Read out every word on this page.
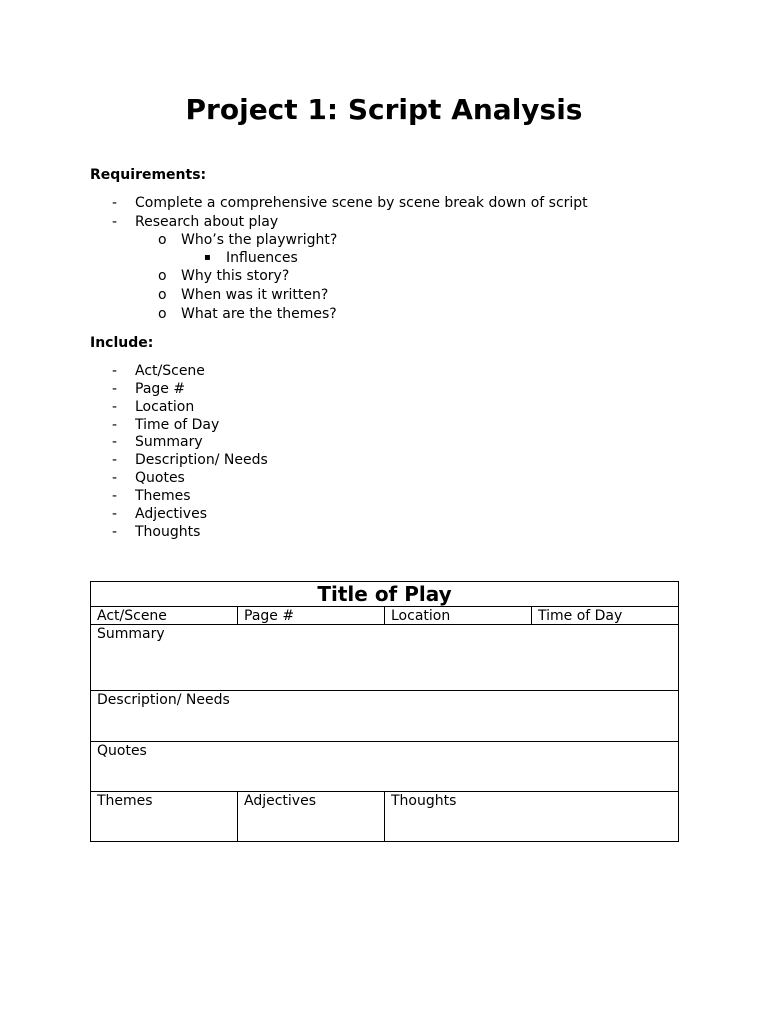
Project 1: Script Analysis
Requirements:
- Complete a comprehensive scene by scene break down of script
- Research about play
o Who’s the playwright?
▪ Influences
o Why this story?
o When was it written?
o What are the themes?
Include:
- Act/Scene
- Page #
- Location
- Time of Day
- Summary
- Description/ Needs
- Quotes
- Themes
- Adjectives
- Thoughts
Title of Play			
Act/Scene	Page #	Location	Time of Day
Summary			
Description/ Needs			
Quotes			
Themes	Adjectives	Thoughts	
